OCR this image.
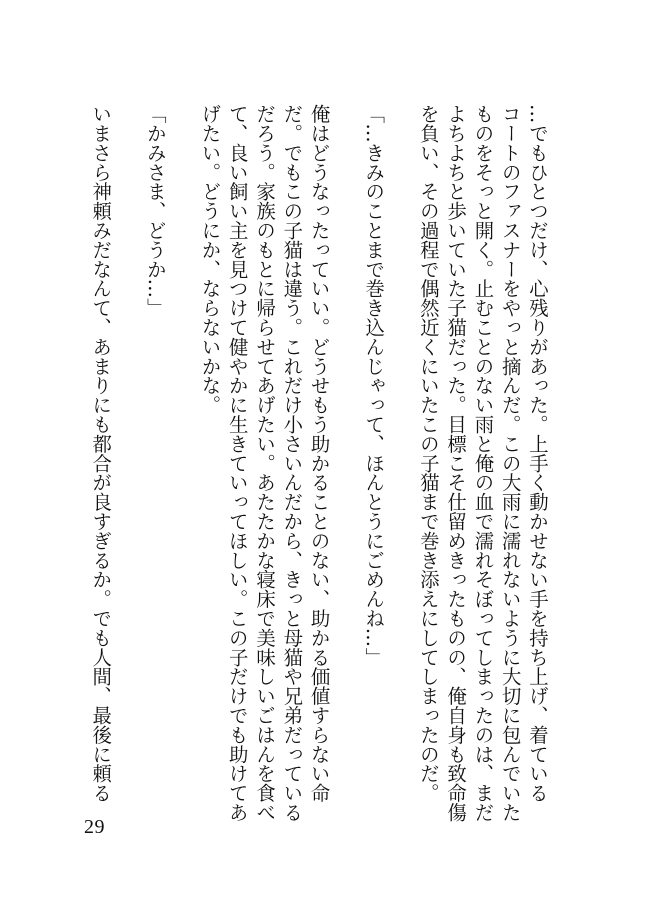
…でもひとつだけ、心残りがあった。上手く動かせない手を持ち上げ、着ている
コートのファスナーをやっと摘んだ。この大雨に濡れないように大切に包んでいた
ものをそっと開く。止むことのない雨と俺の血で濡れそぼってしまったのは、まだ
よちよちと歩いていた子猫だった。目標こそ仕留めきったものの、俺自身も致命傷
を負い、その過程で偶然近くにいたこの子猫まで巻き添えにしてしまったのだ。

「…きみのことまで巻き込んじゃって、ほんとうにごめんね…」

俺はどうなったっていい。どうせもう助かることのない、助かる価値すらない命
だ。でもこの子猫は違う。これだけ小さいんだから、きっと母猫や兄弟だっている
だろう。家族のもとに帰らせてあげたい。あたたかな寝床で美味しいごはんを食べ
て、良い飼い主を見つけて健やかに生きていってほしい。この子だけでも助けてあ
げたい。どうにか、ならないかな。

「かみさま、どうか…」

いまさら神頼みだなんて、あまりにも都合が良すぎるか。でも人間、最後に頼る
29
